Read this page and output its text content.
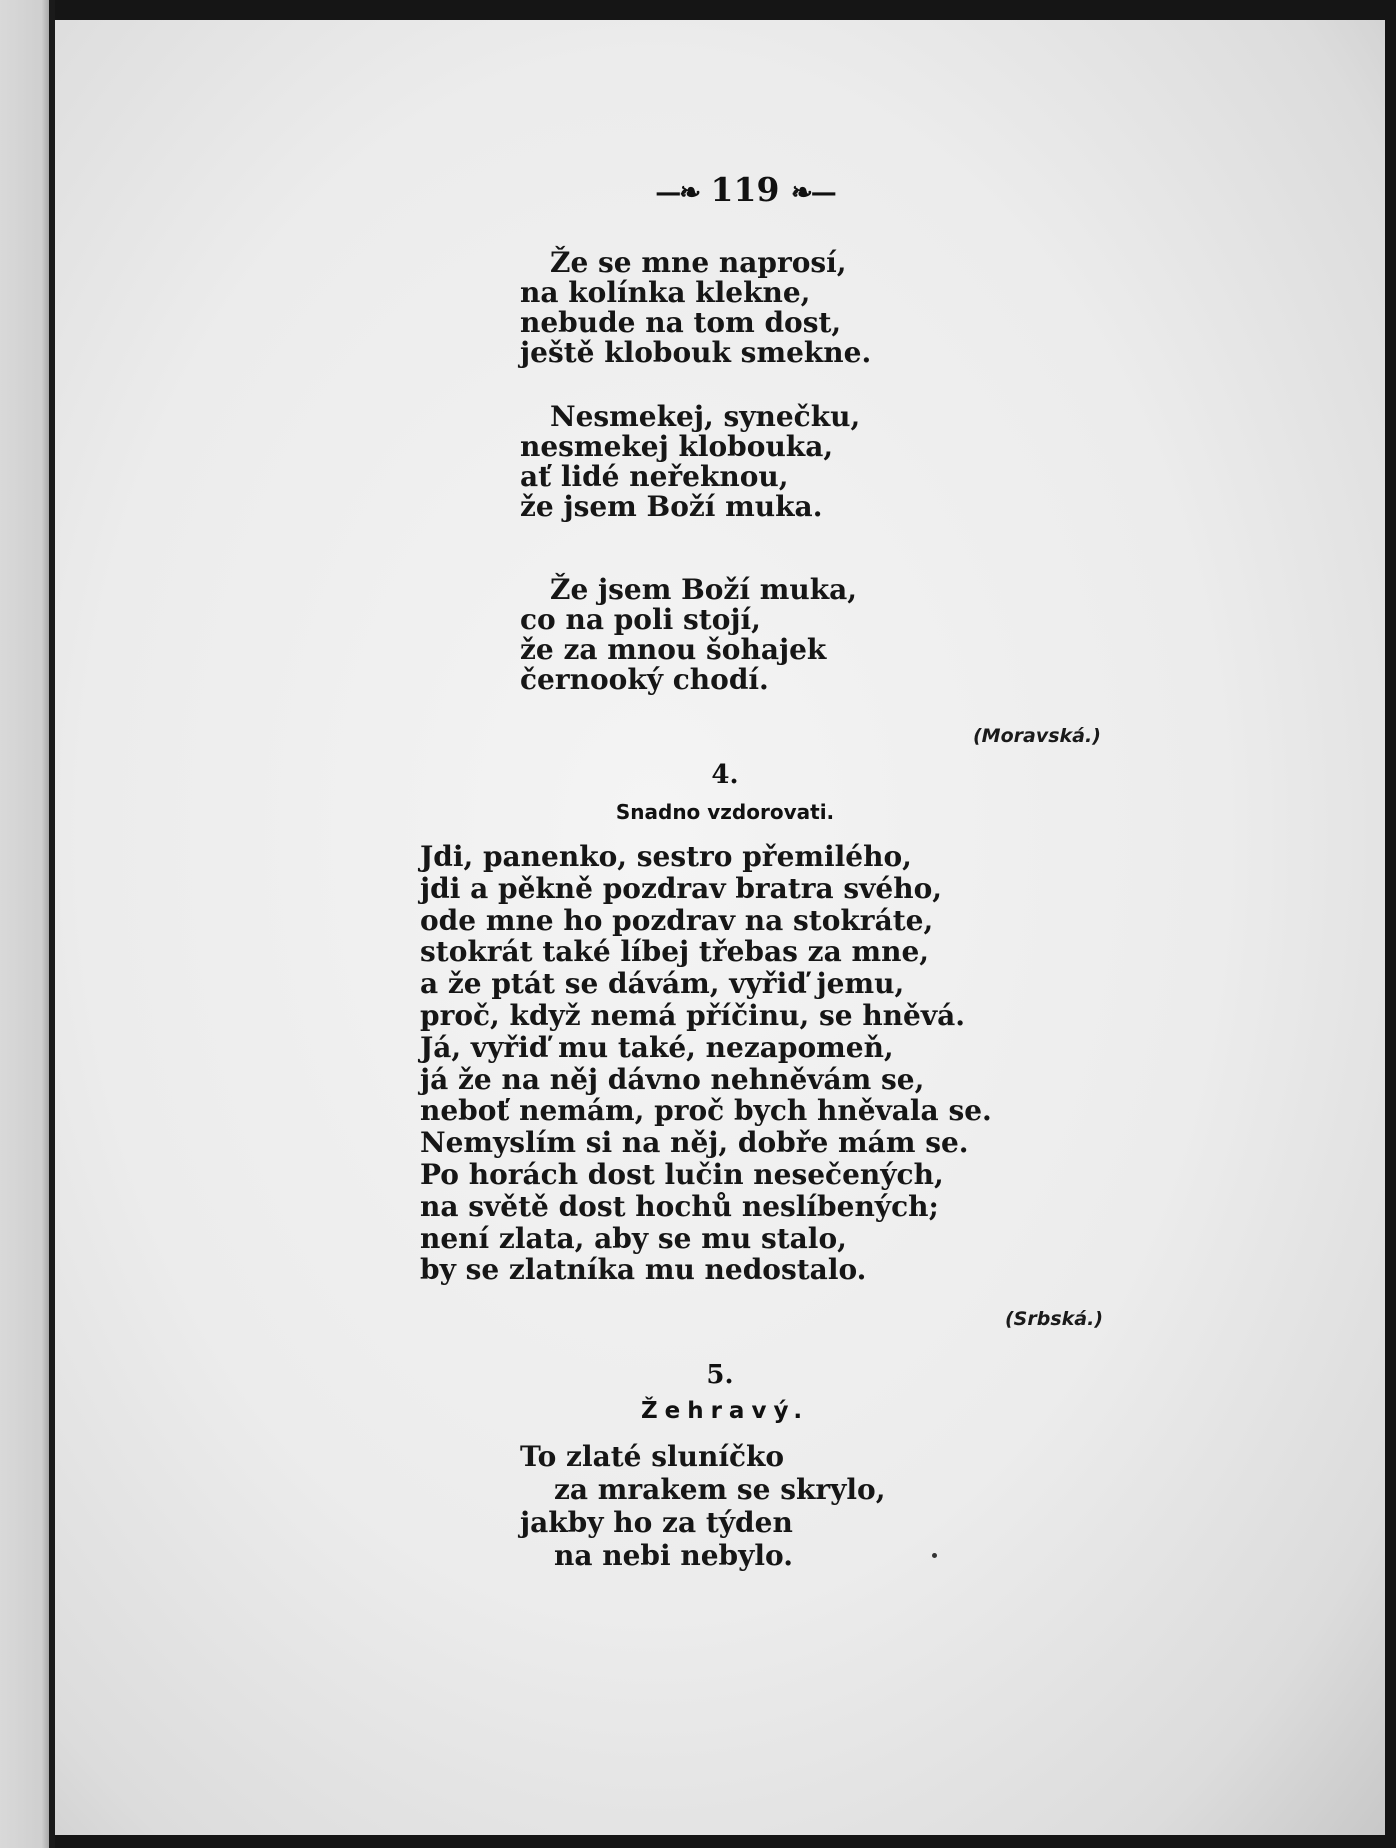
—❧ 119 ❧—
Že se mne naprosí,
na kolínka klekne,
nebude na tom dost,
ještě klobouk smekne.
Nesmekej, synečku,
nesmekej klobouka,
ať lidé neřeknou,
že jsem Boží muka.
Že jsem Boží muka,
co na poli stojí,
že za mnou šohajek
černooký chodí.
(Moravská.)
4.
Snadno vzdorovati.
Jdi, panenko, sestro přemilého,
jdi a pěkně pozdrav bratra svého,
ode mne ho pozdrav na stokráte,
stokrát také líbej třebas za mne,
a že ptát se dávám, vyřiď jemu,
proč, když nemá příčinu, se hněvá.
Já, vyřiď mu také, nezapomeň,
já že na něj dávno nehněvám se,
neboť nemám, proč bych hněvala se.
Nemyslím si na něj, dobře mám se.
Po horách dost lučin nesečených,
na světě dost hochů neslíbených;
není zlata, aby se mu stalo,
by se zlatníka mu nedostalo.
(Srbská.)
5.
Žehravý.
To zlaté sluníčko
za mrakem se skrylo,
jakby ho za týden
na nebi nebylo.
